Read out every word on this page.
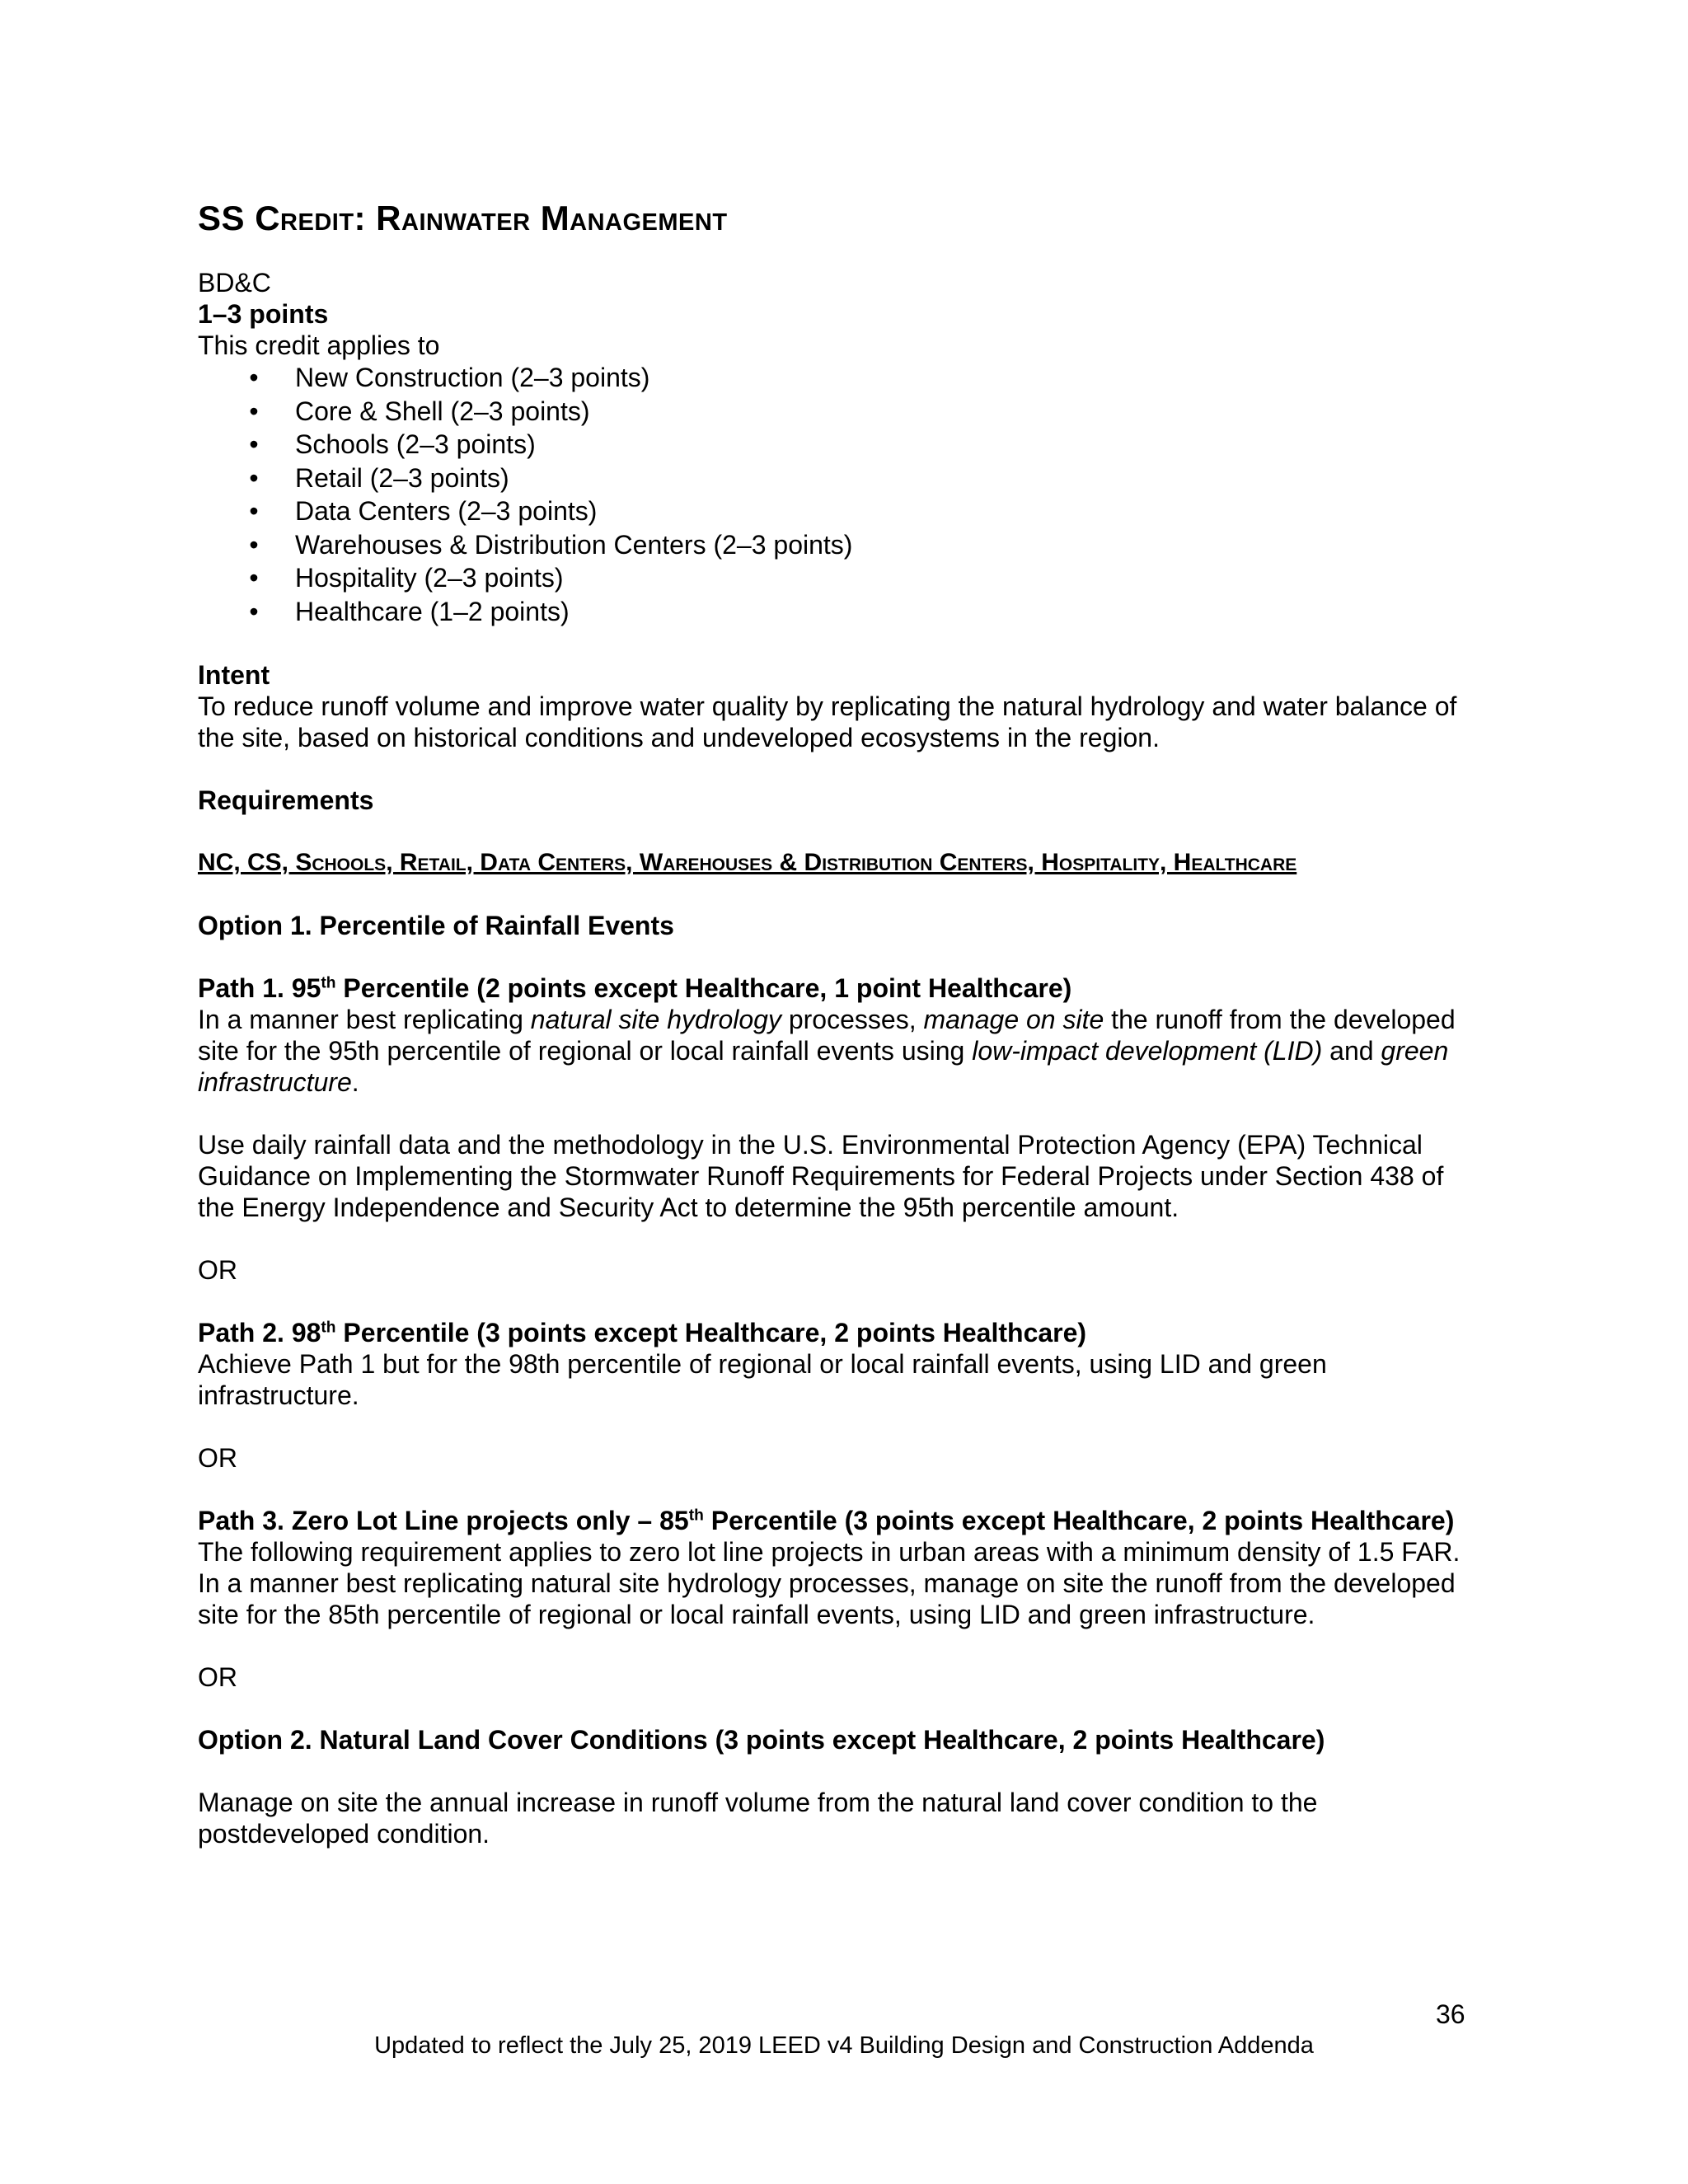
SS Credit: Rainwater Management

BD&C

1–3 points

This credit applies to

• New Construction (2–3 points)
• Core & Shell (2–3 points)
• Schools (2–3 points)
• Retail (2–3 points)
• Data Centers (2–3 points)
• Warehouses & Distribution Centers (2–3 points)
• Hospitality (2–3 points)
• Healthcare (1–2 points)

Intent

To reduce runoff volume and improve water quality by replicating the natural hydrology and water balance of the site, based on historical conditions and undeveloped ecosystems in the region.

Requirements

NC, CS, Schools, Retail, Data Centers, Warehouses & Distribution Centers, Hospitality, Healthcare

Option 1. Percentile of Rainfall Events

Path 1. 95th Percentile (2 points except Healthcare, 1 point Healthcare)

In a manner best replicating natural site hydrology processes, manage on site the runoff from the developed site for the 95th percentile of regional or local rainfall events using low-impact development (LID) and green infrastructure.

Use daily rainfall data and the methodology in the U.S. Environmental Protection Agency (EPA) Technical Guidance on Implementing the Stormwater Runoff Requirements for Federal Projects under Section 438 of the Energy Independence and Security Act to determine the 95th percentile amount.

OR

Path 2. 98th Percentile (3 points except Healthcare, 2 points Healthcare)

Achieve Path 1 but for the 98th percentile of regional or local rainfall events, using LID and green infrastructure.

OR

Path 3. Zero Lot Line projects only – 85th Percentile (3 points except Healthcare, 2 points Healthcare)

The following requirement applies to zero lot line projects in urban areas with a minimum density of 1.5 FAR. In a manner best replicating natural site hydrology processes, manage on site the runoff from the developed site for the 85th percentile of regional or local rainfall events, using LID and green infrastructure.

OR

Option 2. Natural Land Cover Conditions (3 points except Healthcare, 2 points Healthcare)

Manage on site the annual increase in runoff volume from the natural land cover condition to the postdeveloped condition.

36
Updated to reflect the July 25, 2019 LEED v4 Building Design and Construction Addenda
